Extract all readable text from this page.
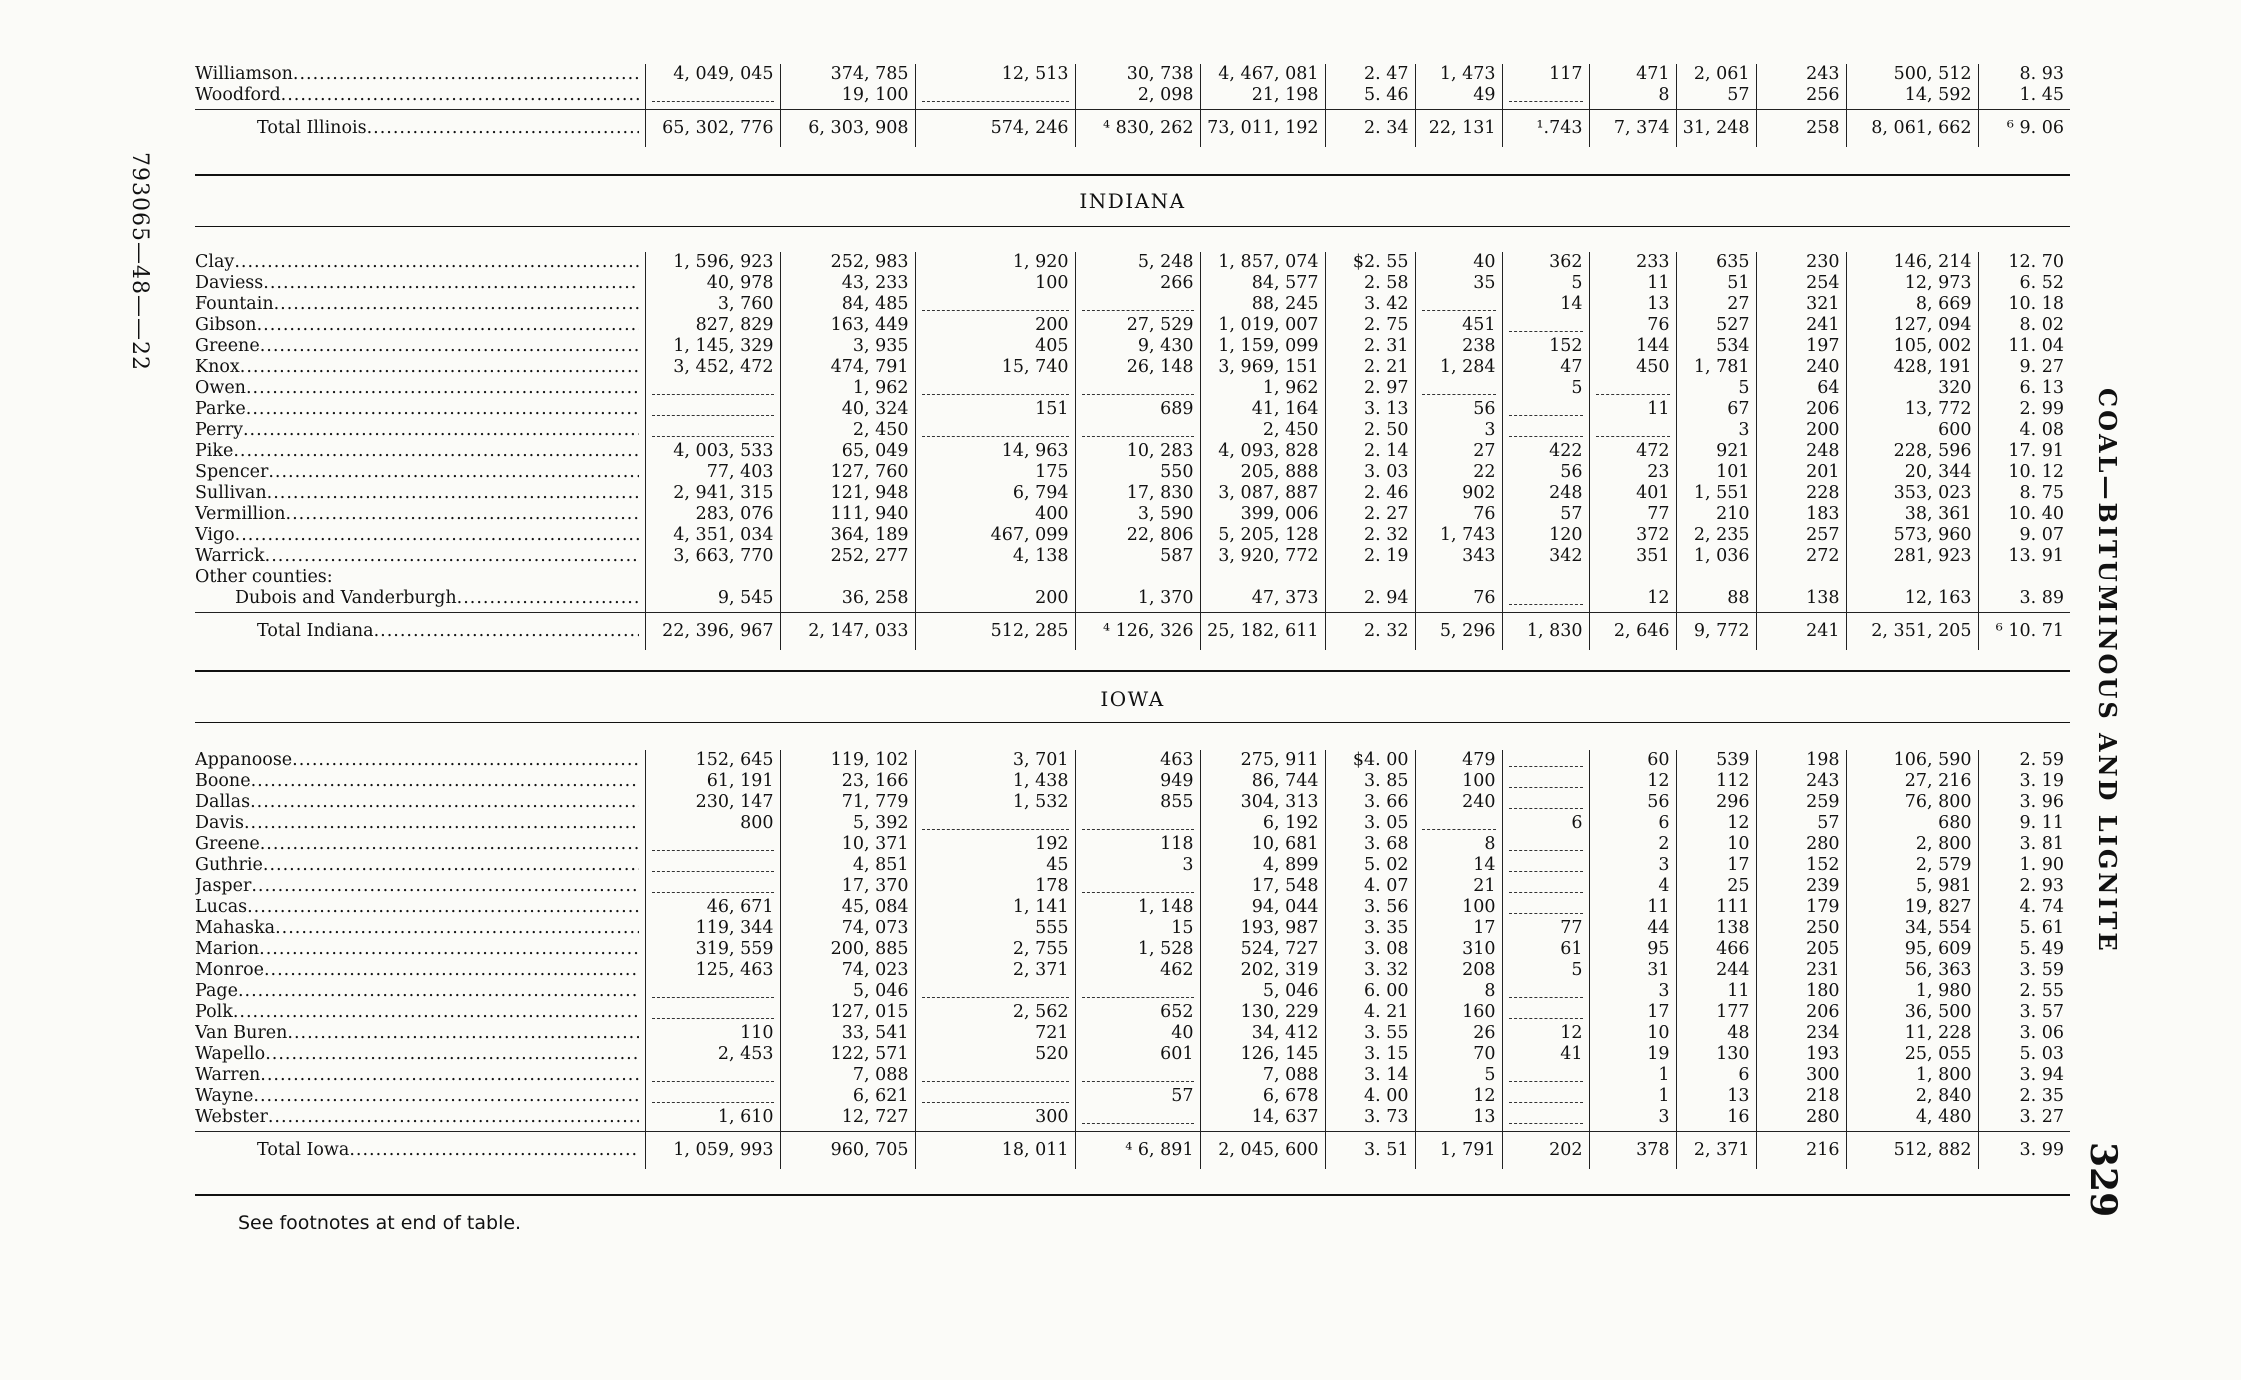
793065—48——22
COAL—BITUMINOUS AND LIGNITE
329
Williamson .....	4, 049, 045	374, 785	12, 513	30, 738	4, 467, 081	2. 47	1, 473	117	471	2, 061	243	500, 512	8. 93

Woodford .....		19, 100		2, 098	21, 198	5. 46	49		8	57	256	14, 592	1. 45

Total Illinois .....	65, 302, 776	6, 303, 908	574, 246	⁴ 830, 262	73, 011, 192	2. 34	22, 131	¹.743	7, 374	31, 248	258	8, 061, 662	⁶ 9. 06
INDIANA
Clay .....	1, 596, 923	252, 983	1, 920	5, 248	1, 857, 074	$2. 55	40	362	233	635	230	146, 214	12. 70

Daviess .....	40, 978	43, 233	100	266	84, 577	2. 58	35	5	11	51	254	12, 973	6. 52

Fountain .....	3, 760	84, 485			88, 245	3. 42		14	13	27	321	8, 669	10. 18

Gibson .....	827, 829	163, 449	200	27, 529	1, 019, 007	2. 75	451		76	527	241	127, 094	8. 02

Greene .....	1, 145, 329	3, 935	405	9, 430	1, 159, 099	2. 31	238	152	144	534	197	105, 002	11. 04

Knox .....	3, 452, 472	474, 791	15, 740	26, 148	3, 969, 151	2. 21	1, 284	47	450	1, 781	240	428, 191	9. 27

Owen .....		1, 962			1, 962	2. 97		5		5	64	320	6. 13

Parke .....		40, 324	151	689	41, 164	3. 13	56		11	67	206	13, 772	2. 99

Perry .....		2, 450			2, 450	2. 50	3			3	200	600	4. 08

Pike .....	4, 003, 533	65, 049	14, 963	10, 283	4, 093, 828	2. 14	27	422	472	921	248	228, 596	17. 91

Spencer .....	77, 403	127, 760	175	550	205, 888	3. 03	22	56	23	101	201	20, 344	10. 12

Sullivan .....	2, 941, 315	121, 948	6, 794	17, 830	3, 087, 887	2. 46	902	248	401	1, 551	228	353, 023	8. 75

Vermillion .....	283, 076	111, 940	400	3, 590	399, 006	2. 27	76	57	77	210	183	38, 361	10. 40

Vigo .....	4, 351, 034	364, 189	467, 099	22, 806	5, 205, 128	2. 32	1, 743	120	372	2, 235	257	573, 960	9. 07

Warrick .....	3, 663, 770	252, 277	4, 138	587	3, 920, 772	2. 19	343	342	351	1, 036	272	281, 923	13. 91
Other counties:													

Dubois and Vanderburgh .....	9, 545	36, 258	200	1, 370	47, 373	2. 94	76		12	88	138	12, 163	3. 89

Total Indiana .....	22, 396, 967	2, 147, 033	512, 285	⁴ 126, 326	25, 182, 611	2. 32	5, 296	1, 830	2, 646	9, 772	241	2, 351, 205	⁶ 10. 71
IOWA
Appanoose .....	152, 645	119, 102	3, 701	463	275, 911	$4. 00	479		60	539	198	106, 590	2. 59

Boone .....	61, 191	23, 166	1, 438	949	86, 744	3. 85	100		12	112	243	27, 216	3. 19

Dallas .....	230, 147	71, 779	1, 532	855	304, 313	3. 66	240		56	296	259	76, 800	3. 96

Davis .....	800	5, 392			6, 192	3. 05		6	6	12	57	680	9. 11

Greene .....		10, 371	192	118	10, 681	3. 68	8		2	10	280	2, 800	3. 81

Guthrie .....		4, 851	45	3	4, 899	5. 02	14		3	17	152	2, 579	1. 90

Jasper .....		17, 370	178		17, 548	4. 07	21		4	25	239	5, 981	2. 93

Lucas .....	46, 671	45, 084	1, 141	1, 148	94, 044	3. 56	100		11	111	179	19, 827	4. 74

Mahaska .....	119, 344	74, 073	555	15	193, 987	3. 35	17	77	44	138	250	34, 554	5. 61

Marion .....	319, 559	200, 885	2, 755	1, 528	524, 727	3. 08	310	61	95	466	205	95, 609	5. 49

Monroe .....	125, 463	74, 023	2, 371	462	202, 319	3. 32	208	5	31	244	231	56, 363	3. 59

Page .....		5, 046			5, 046	6. 00	8		3	11	180	1, 980	2. 55

Polk .....		127, 015	2, 562	652	130, 229	4. 21	160		17	177	206	36, 500	3. 57

Van Buren .....	110	33, 541	721	40	34, 412	3. 55	26	12	10	48	234	11, 228	3. 06

Wapello .....	2, 453	122, 571	520	601	126, 145	3. 15	70	41	19	130	193	25, 055	5. 03

Warren .....		7, 088			7, 088	3. 14	5		1	6	300	1, 800	3. 94

Wayne .....		6, 621		57	6, 678	4. 00	12		1	13	218	2, 840	2. 35

Webster .....	1, 610	12, 727	300		14, 637	3. 73	13		3	16	280	4, 480	3. 27

Total Iowa .....	1, 059, 993	960, 705	18, 011	⁴ 6, 891	2, 045, 600	3. 51	1, 791	202	378	2, 371	216	512, 882	3. 99
See footnotes at end of table.
